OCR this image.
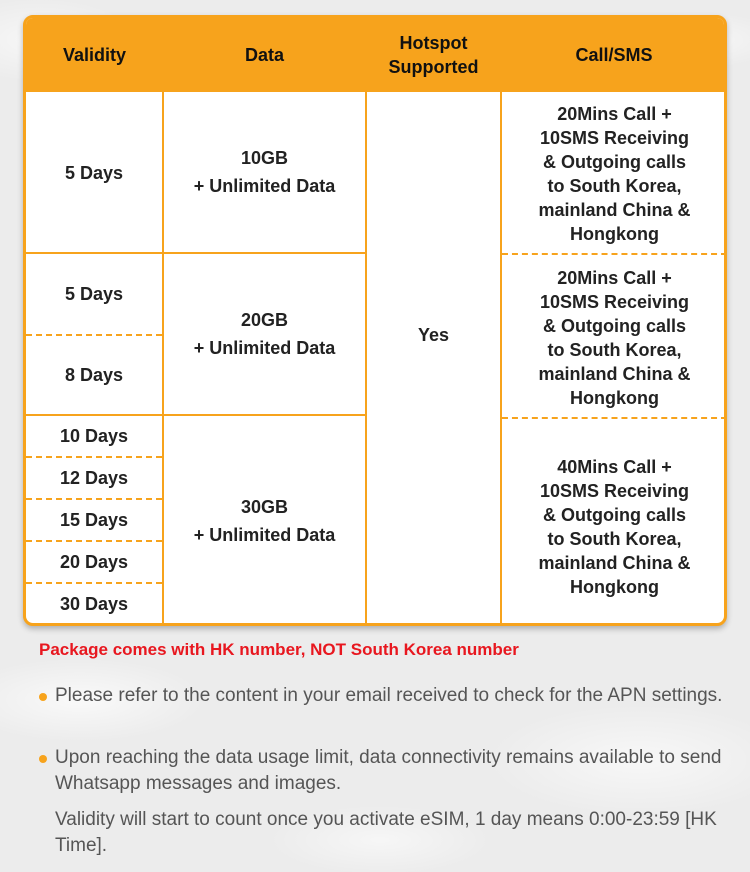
Validity	Data
Hotspot
Supported
Call/SMS
5 Days
5 Days
8 Days
10 Days
12 Days
15 Days
20 Days
30 Days
10GB
+ Unlimited Data
20GB
+ Unlimited Data
30GB
+ Unlimited Data
Yes
20Mins Call +
10SMS Receiving
& Outgoing calls
to South Korea,
mainland China &
Hongkong
20Mins Call +
10SMS Receiving
& Outgoing calls
to South Korea,
mainland China &
Hongkong
40Mins Call +
10SMS Receiving
& Outgoing calls
to South Korea,
mainland China &
Hongkong
Package comes with HK number, NOT South Korea number
Please refer to the content in your email received to check for the APN settings.
Upon reaching the data usage limit, data connectivity remains available to send Whatsapp messages and images.
Validity will start to count once you activate eSIM, 1 day means 0:00-23:59 [HK Time].
